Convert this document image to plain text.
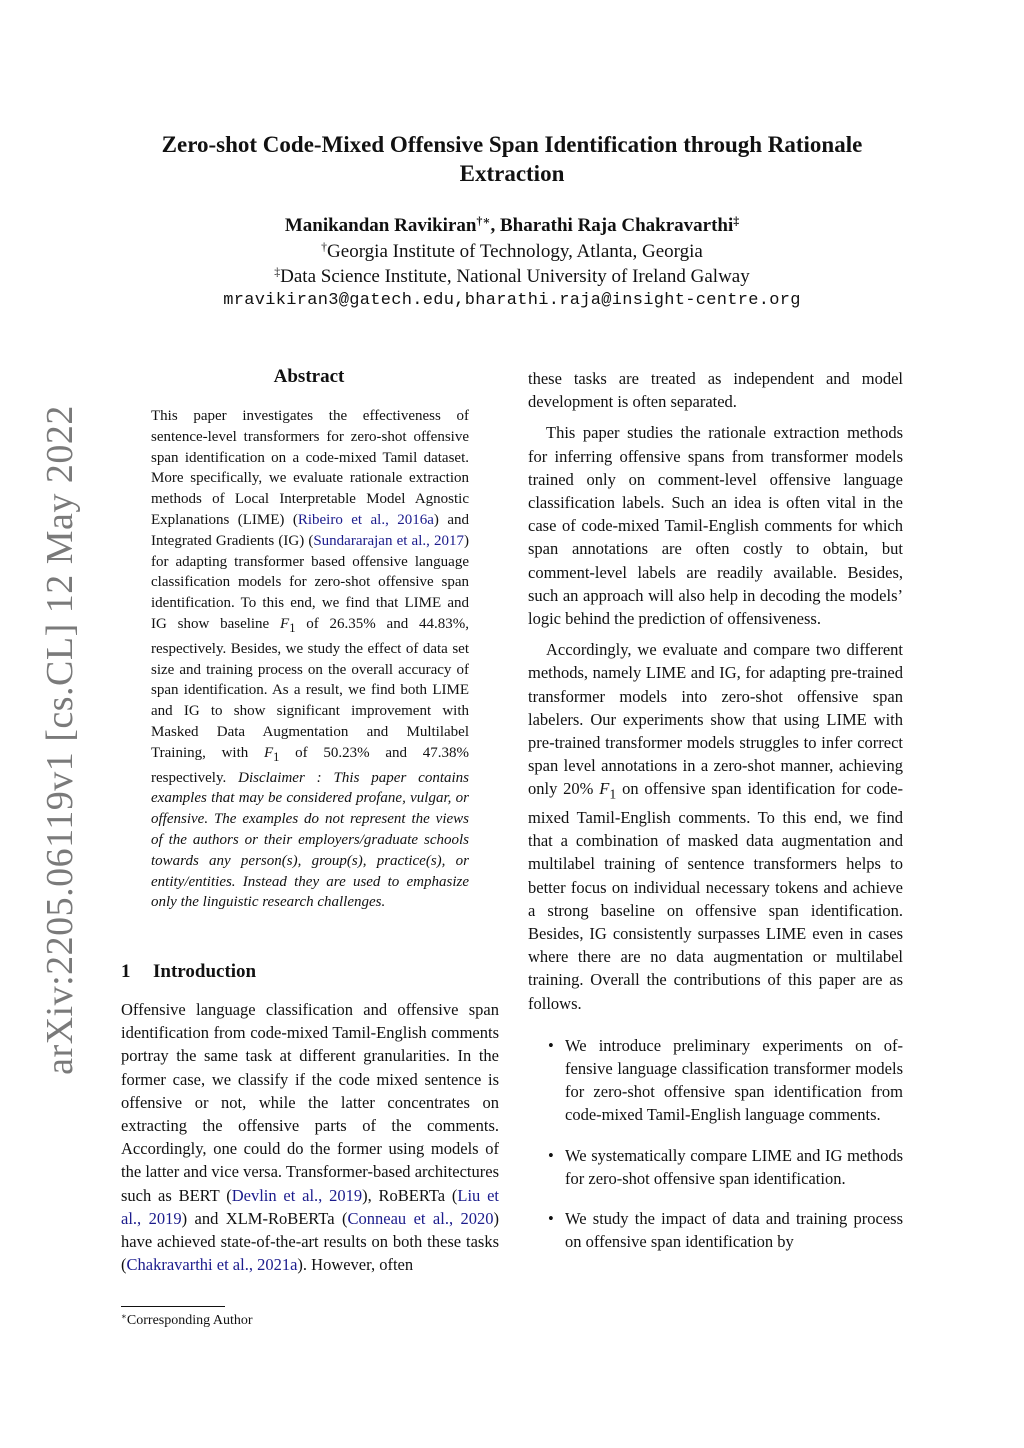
Zero-shot Code-Mixed Offensive Span Identification through Rationale
Extraction
Manikandan Ravikiran†∗, Bharathi Raja Chakravarthi‡
†Georgia Institute of Technology, Atlanta, Georgia
‡Data Science Institute, National University of Ireland Galway
mravikiran3@gatech.edu,bharathi.raja@insight-centre.org
arXiv:2205.06119v1 [cs.CL] 12 May 2022
Abstract
This paper investigates the effectiveness of sentence-level transformers for zero-shot offensive span identification on a code-mixed Tamil dataset. More specifically, we evaluate rationale extraction methods of Local Interpretable Model Agnostic Explanations (LIME) (Ribeiro et al., 2016a) and Integrated Gradients (IG) (Sundararajan et al., 2017) for adapting transformer based offensive language classification models for zero-shot offensive span identification. To this end, we find that LIME and IG show baseline $F_1$ of 26.35% and 44.83%, respectively. Besides, we study the effect of data set size and training process on the overall accuracy of span identification. As a result, we find both LIME and IG to show significant improvement with Masked Data Augmentation and Multilabel Training, with $F_1$ of 50.23% and 47.38% respectively. Disclaimer : This paper contains examples that may be considered profane, vulgar, or offensive. The examples do not represent the views of the authors or their employers/graduate schools towards any person(s), group(s), practice(s), or entity/entities. Instead they are used to emphasize only the linguistic research challenges.
1 Introduction
Offensive language classification and offensive span identification from code-mixed Tamil-English comments portray the same task at different granularities. In the former case, we classify if the code mixed sentence is offensive or not, while the latter concentrates on extracting the offensive parts of the comments. Accordingly, one could do the former using models of the latter and vice versa. Transformer-based architectures such as BERT (Devlin et al., 2019), RoBERTa (Liu et al., 2019) and XLM-RoBERTa (Conneau et al., 2020) have achieved state-of-the-art results on both these tasks (Chakravarthi et al., 2021a). However, often
∗Corresponding Author

these tasks are treated as independent and model development is often separated.

This paper studies the rationale extraction methods for inferring offensive spans from transformer models trained only on comment-level offensive language classification labels. Such an idea is often vital in the case of code-mixed Tamil-English comments for which span annotations are often costly to obtain, but comment-level labels are readily available. Besides, such an approach will also help in decoding the models’ logic behind the prediction of offensiveness.

Accordingly, we evaluate and compare two different methods, namely LIME and IG, for adapting pre-trained transformer models into zero-shot offensive span labelers. Our experiments show that using LIME with pre-trained transformer models struggles to infer correct span level annotations in a zero-shot manner, achieving only 20% $F_1$ on offensive span identification for code-mixed Tamil-English comments. To this end, we find that a combination of masked data augmentation and multilabel training of sentence transformers helps to better focus on individual necessary tokens and achieve a strong baseline on offensive span identification. Besides, IG consistently surpasses LIME even in cases where there are no data augmentation or multilabel training. Overall the contributions of this paper are as follows.

• We introduce preliminary experiments on offensive language classification transformer models for zero-shot offensive span identification from code-mixed Tamil-English language comments.
• We systematically compare LIME and IG methods for zero-shot offensive span identification.
• We study the impact of data and training process on offensive span identification by
